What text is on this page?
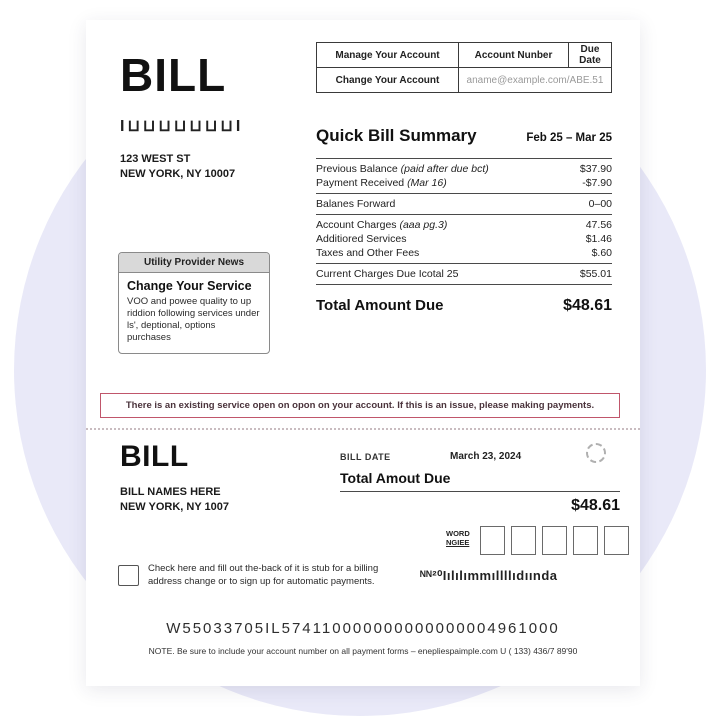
BILL	Manage Your Account	Account Nunber	Due Date
Change Your Account	aname@example.com/ABE.51	
I⊔⊔⊔⊔⊔⊔⊔I
123 WEST ST
NEW YORK, NY 10007
Quick Bill Summary	Feb 25 – Mar 25
Previous Balance (paid after due bct)	$37.90
Payment Received (Mar 16)	-$7.90
Balanes Forward	0–00
Account Charges (aaa pg.3)	47.56
Additiored Services	$1.46
Taxes and Other Fees	$.60
Current Charges Due Icotal 25	$55.01
Total Amount Due	$48.61
Utility Provider News
Change Your Service
VOO and powee quality to up riddion following services under ls', deptional, options purchases
There is an existing service open on opon on your account. If this is an issue, please making payments.
BILL
BILL NAMES HERE
NEW YORK, NY 1007
BILL DATE	March 23, 2024
Total Amout Due
$48.61
WORD
NGIEE
Check here and fill out the-back of it is stub for a billing address change or to sign up for automatic payments.	ᴺᴺ²⁰Iılılımmıllllıdıında
W55033705IL574110000000000000004961000
NOTE. Be sure to include your account number on all payment forms – enepliespaimple.com U ( 133) 436/7 89'90
